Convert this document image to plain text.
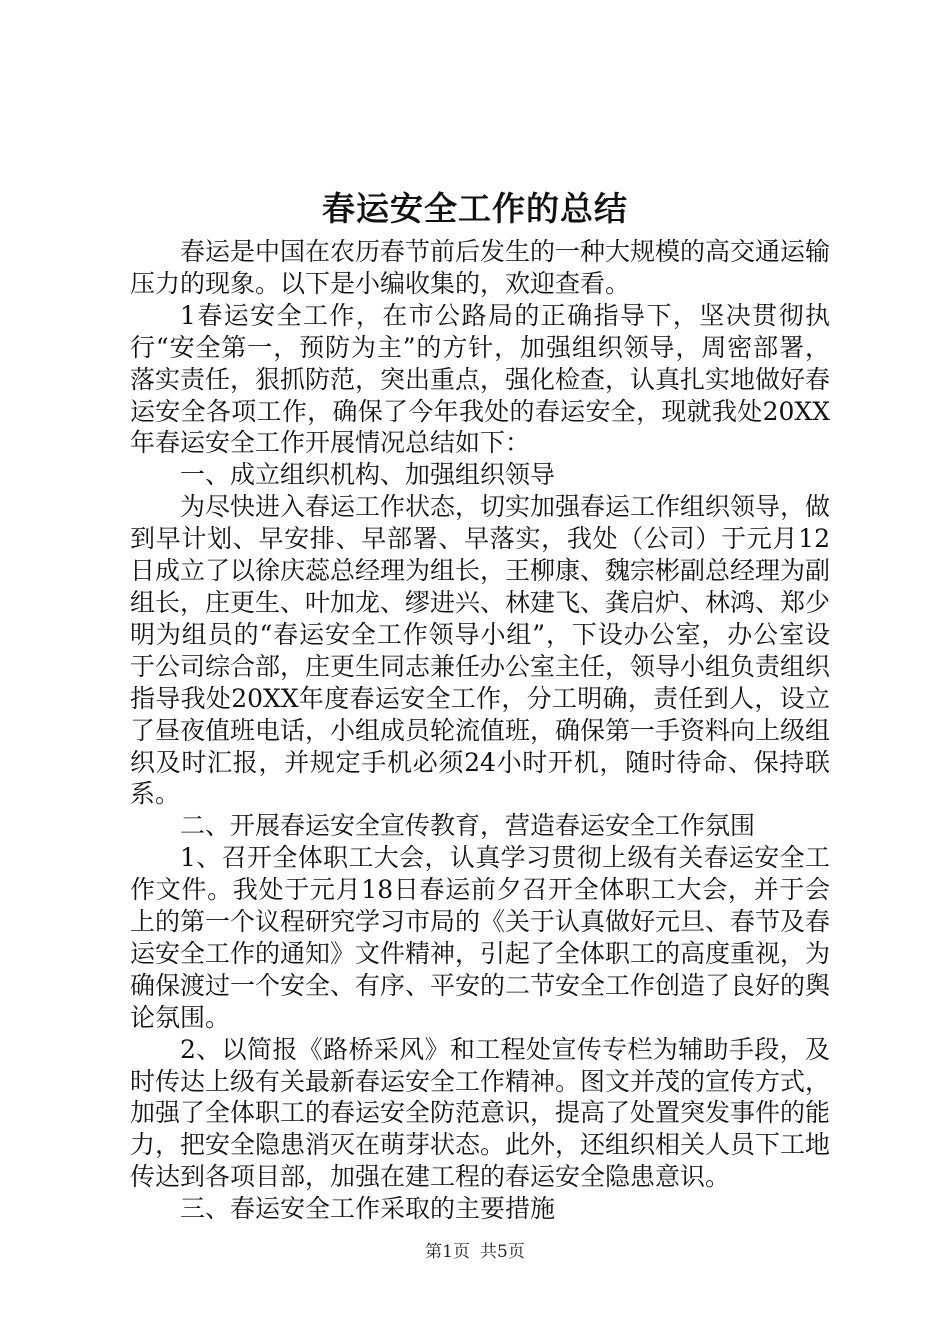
春运安全工作的总结

春运是中国在农历春节前后发生的一种大规模的高交通运输压力的现象。以下是小编收集的，欢迎查看。

1春运安全工作，在市公路局的正确指导下，坚决贯彻执行“安全第一，预防为主”的方针，加强组织领导，周密部署，落实责任，狠抓防范，突出重点，强化检查，认真扎实地做好春运安全各项工作，确保了今年我处的春运安全，现就我处20XX年春运安全工作开展情况总结如下：

一、成立组织机构、加强组织领导

为尽快进入春运工作状态，切实加强春运工作组织领导，做到早计划、早安排、早部署、早落实，我处（公司）于元月12日成立了以徐庆蕊总经理为组长，王柳康、魏宗彬副总经理为副组长，庄更生、叶加龙、缪进兴、林建飞、龚启炉、林鸿、郑少明为组员的“春运安全工作领导小组”，下设办公室，办公室设于公司综合部，庄更生同志兼任办公室主任，领导小组负责组织指导我处20XX年度春运安全工作，分工明确，责任到人，设立了昼夜值班电话，小组成员轮流值班，确保第一手资料向上级组织及时汇报，并规定手机必须24小时开机，随时待命、保持联系。

二、开展春运安全宣传教育，营造春运安全工作氛围

1、召开全体职工大会，认真学习贯彻上级有关春运安全工作文件。我处于元月18日春运前夕召开全体职工大会，并于会上的第一个议程研究学习市局的《关于认真做好元旦、春节及春运安全工作的通知》文件精神，引起了全体职工的高度重视，为确保渡过一个安全、有序、平安的二节安全工作创造了良好的舆论氛围。

2、以简报《路桥采风》和工程处宣传专栏为辅助手段，及时传达上级有关最新春运安全工作精神。图文并茂的宣传方式，加强了全体职工的春运安全防范意识，提高了处置突发事件的能力，把安全隐患消灭在萌芽状态。此外，还组织相关人员下工地传达到各项目部，加强在建工程的春运安全隐患意识。

三、春运安全工作采取的主要措施

第1页 共5页
